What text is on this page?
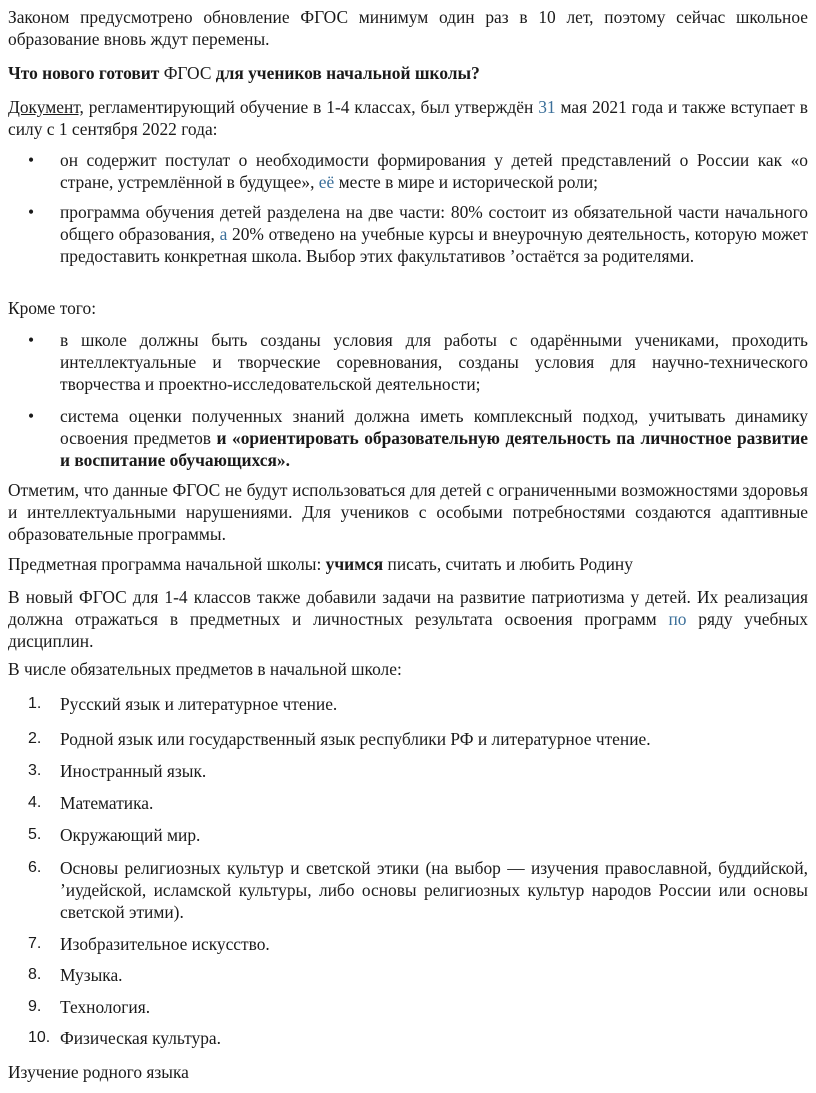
Законом предусмотрено обновление ФГОС минимум один раз в 10 лет, поэтому сейчас школьное образование вновь ждут перемены.

Что нового готовит ФГОС для учеников начальной школы?

Документ, регламентирующий обучение в 1-4 классах, был утверждён 31 мая 2021 года и также вступает в силу с 1 сентября 2022 года:

•	он содержит постулат о необходимости формирования у детей представлений о России как «о стране, устремлённой в будущее», её месте в мире и исторической роли;

•	программа обучения детей разделена на две части: 80% состоит из обязательной части начального общего образования, а 20% отведено на учебные курсы и внеурочную деятельность, которую может предоставить конкретная школа. Выбор этих факультативов ’остаётся за родителями.

Кроме того:

•	в школе должны быть созданы условия для работы с одарёнными учениками, проходить интеллектуальные и творческие соревнования, созданы условия для научно-технического творчества и проектно-исследовательской деятельности;

•	система оценки полученных знаний должна иметь комплексный подход, учитывать динамику освоения предметов и «ориентировать образовательную деятельность па личностное развитие и воспитание обучающихся».

Отметим, что данные ФГОС не будут использоваться для детей с ограниченными возможностями здоровья и интеллектуальными нарушениями. Для учеников с особыми потребностями создаются адаптивные образовательные программы.

Предметная программа начальной школы: учимся писать, считать и любить Родину

В новый ФГОС для 1-4 классов также добавили задачи на развитие патриотизма у детей. Их реализация должна отражаться в предметных и личностных результата освоения программ по ряду учебных дисциплин.

В числе обязательных предметов в начальной школе:

1.	Русский язык и литературное чтение.

2.	Родной язык или государственный язык республики РФ и литературное чтение.

3.	Иностранный язык.

4.	Математика.

5.	Окружающий мир.

6.	Основы религиозных культур и светской этики (на выбор — изучения православной, буддийской, ’иудейской, исламской культуры, либо основы религиозных культур народов России или основы светской этими).

7.	Изобразительное искусство.

8.	Музыка.

9.	Технология.

10. Физическая культура.

Изучение родного языка
